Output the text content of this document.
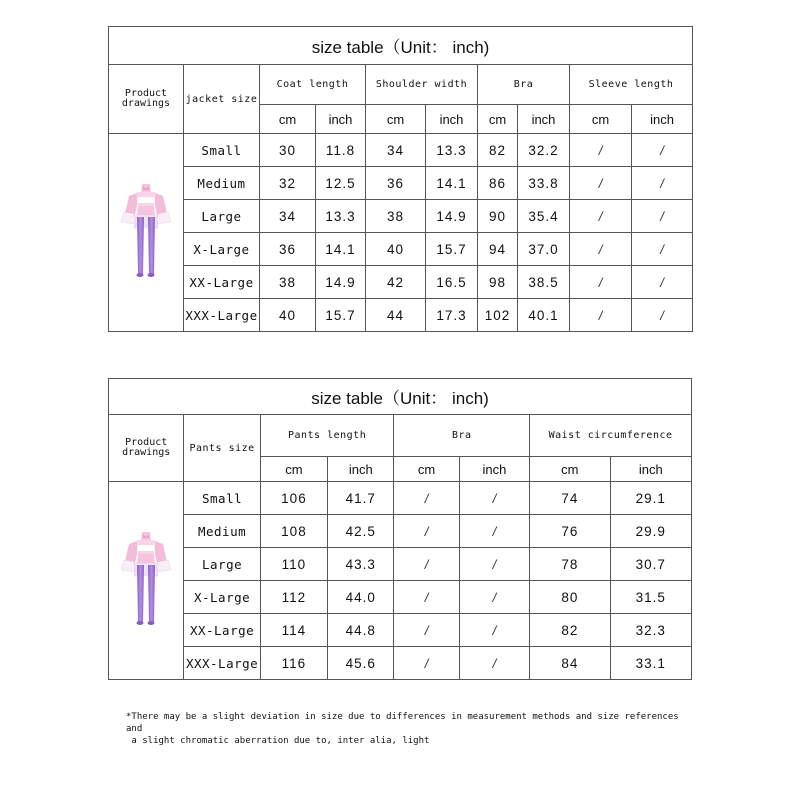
size table（Unit： inch)									
Product drawings	jacket size	Coat length		Shoulder width		Bra		Sleeve length	
		cm	inch	cm	inch	cm	inch	cm	inch
	Small	30	11.8	34	13.3	82	32.2	/	/
	Medium	32	12.5	36	14.1	86	33.8	/	/
	Large	34	13.3	38	14.9	90	35.4	/	/
	X-Large	36	14.1	40	15.7	94	37.0	/	/
	XX-Large	38	14.9	42	16.5	98	38.5	/	/
	XXX-Large	40	15.7	44	17.3	102	40.1	/	/
size table（Unit： inch)							
Product drawings	Pants size	Pants length		Bra		Waist circumference	
		cm	inch	cm	inch	cm	inch
	Small	106	41.7	/	/	74	29.1
	Medium	108	42.5	/	/	76	29.9
	Large	110	43.3	/	/	78	30.7
	X-Large	112	44.0	/	/	80	31.5
	XX-Large	114	44.8	/	/	82	32.3
	XXX-Large	116	45.6	/	/	84	33.1
*There may be a slight deviation in size due to differences in measurement methods and size references and
a slight chromatic aberration due to, inter alia, light
